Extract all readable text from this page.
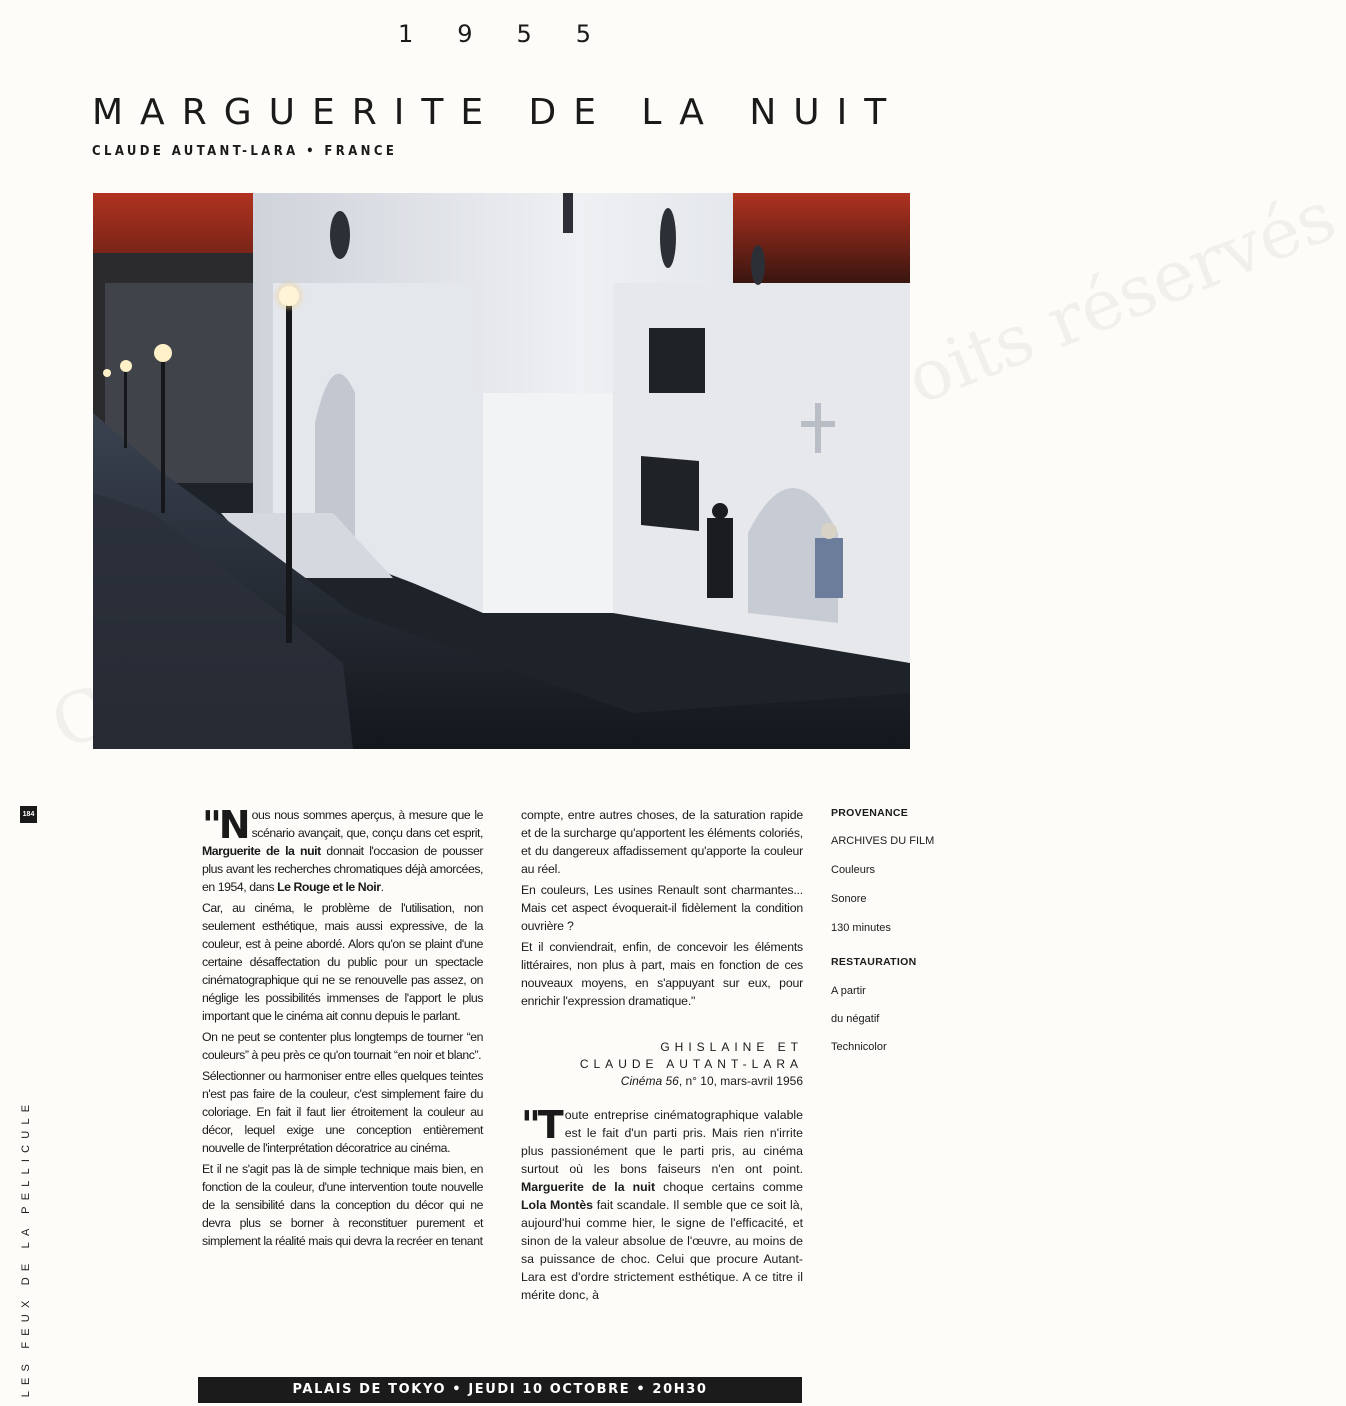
droits réservés
1955
MARGUERITE DE LA NUIT
CLAUDE AUTANT-LARA • FRANCE
184
LES FEUX DE LA PELLICULE
"N ous nous sommes aperçus, à mesure que le scénario avançait, que, conçu dans cet esprit, Marguerite de la nuit donnait l'occasion de pousser plus avant les recherches chromatiques déjà amorcées, en 1954, dans Le Rouge et le Noir.

Car, au cinéma, le problème de l'utilisation, non seulement esthétique, mais aussi expressive, de la couleur, est à peine abordé. Alors qu'on se plaint d'une certaine désaffectation du public pour un spectacle cinématographique qui ne se renouvelle pas assez, on néglige les possibilités immenses de l'apport le plus important que le cinéma ait connu depuis le parlant.

On ne peut se contenter plus longtemps de tourner “en couleurs” à peu près ce qu'on tournait “en noir et blanc”.

Sélectionner ou harmoniser entre elles quelques teintes n'est pas faire de la couleur, c'est simplement faire du coloriage. En fait il faut lier étroitement la couleur au décor, lequel exige une conception entièrement nouvelle de l'interprétation décoratrice au cinéma.

Et il ne s'agit pas là de simple technique mais bien, en fonction de la couleur, d'une intervention toute nouvelle de la sensibilité dans la conception du décor qui ne devra plus se borner à reconstituer purement et simplement la réalité mais qui devra la recréer en tenant

compte, entre autres choses, de la saturation rapide et de la surcharge qu'apportent les éléments coloriés, et du dangereux affadissement qu'apporte la couleur au réel.

En couleurs, Les usines Renault sont charmantes... Mais cet aspect évoquerait-il fidèlement la condition ouvrière ?

Et il conviendrait, enfin, de concevoir les éléments littéraires, non plus à part, mais en fonction de ces nouveaux moyens, en s'appuyant sur eux, pour enrichir l'expression dramatique."

GHISLAINE ET
CLAUDE AUTANT-LARA
Cinéma 56, n° 10, mars-avril 1956
"T oute entreprise cinématographique valable est le fait d'un parti pris. Mais rien n'irrite plus passionément que le parti pris, au cinéma surtout où les bons faiseurs n'en ont point. Marguerite de la nuit choque certains comme Lola Montès fait scandale. Il semble que ce soit là, aujourd'hui comme hier, le signe de l'efficacité, et sinon de la valeur absolue de l'œuvre, au moins de sa puissance de choc. Celui que procure Autant-Lara est d'ordre strictement esthétique. A ce titre il mérite donc, à

PROVENANCE

ARCHIVES DU FILM

Couleurs

Sonore

130 minutes

RESTAURATION

A partir

du négatif

Technicolor

PALAIS DE TOKYO • JEUDI 10 OCTOBRE • 20H30
